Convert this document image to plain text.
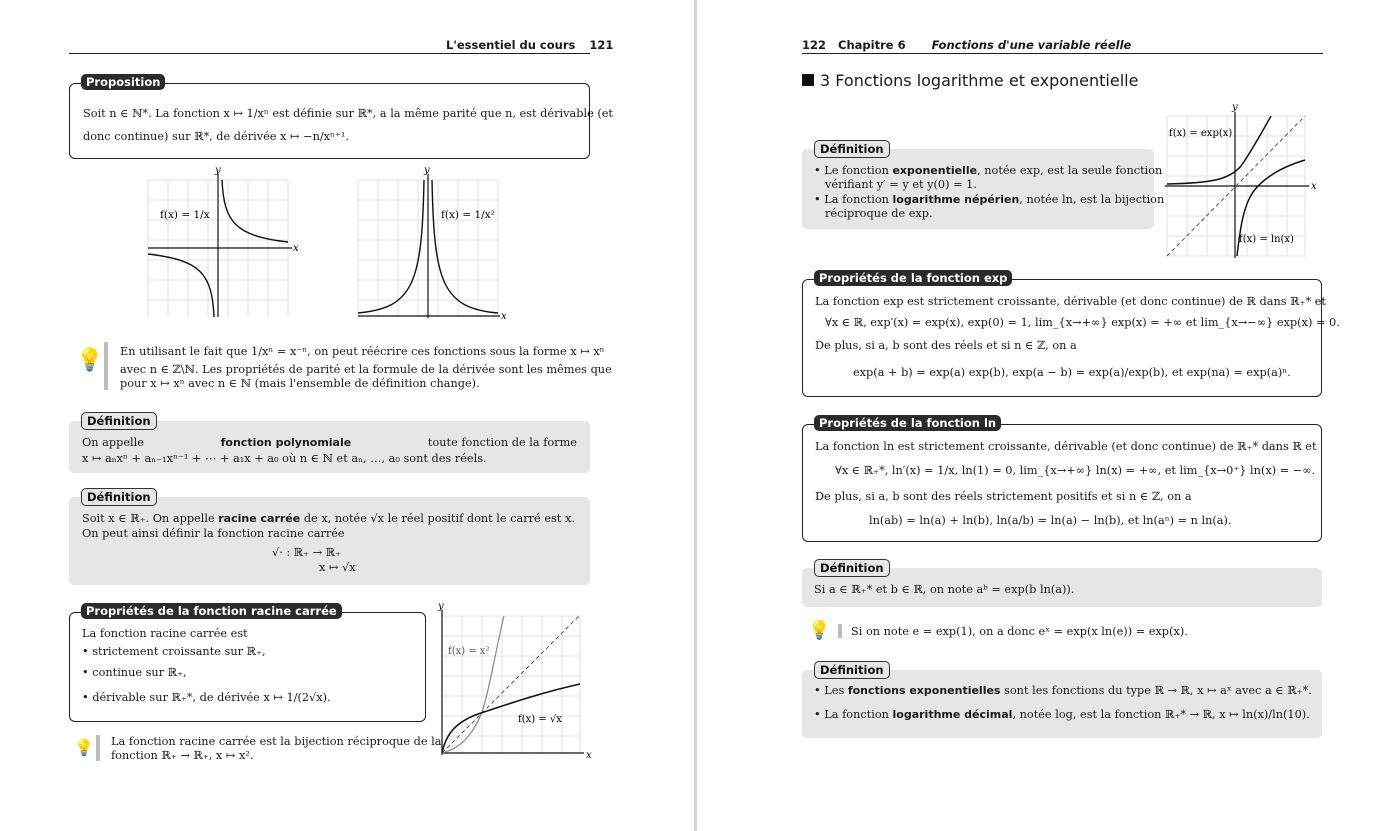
L'essentiel du cours 121
Soit n ∈ ℕ*. La fonction x ↦ 1/xⁿ est définie sur ℝ*, a la même parité que n, est dérivable (et
donc continue) sur ℝ*, de dérivée x ↦ −n/xⁿ⁺¹.
Proposition
x
y
f(x) = 1/x
x
y
f(x) = 1/x²
💡 En utilisant le fait que 1/xⁿ = x⁻ⁿ, on peut réécrire ces fonctions sous la forme x ↦ xⁿ
avec n ∈ ℤ\ℕ. Les propriétés de parité et la formule de la dérivée sont les mêmes que
pour x ↦ xⁿ avec n ∈ ℕ (mais l'ensemble de définition change).
On appelle	fonction polynomiale	toute fonction de la forme
x ↦ aₙxⁿ + aₙ₋₁xⁿ⁻¹ + ⋯ + a₁x + a₀ où n ∈ ℕ et aₙ, …, a₀ sont des réels.
Définition
Soit x ∈ ℝ₊. On appelle racine carrée de x, notée √x le réel positif dont le carré est x.
On peut ainsi définir la fonction racine carrée
√· : ℝ₊ → ℝ₊
x ↦ √x
Définition
La fonction racine carrée est
• strictement croissante sur ℝ₊,
• continue sur ℝ₊,
• dérivable sur ℝ₊*, de dérivée x ↦ 1/(2√x).
Propriétés de la fonction racine carrée
x
y
f(x) = x²
f(x) = √x
💡 La fonction racine carrée est la bijection réciproque de la
fonction ℝ₊ → ℝ₊, x ↦ x².
122 Chapitre 6 Fonctions d'une variable réelle
3 Fonctions logarithme et exponentielle
• Le fonction exponentielle, notée exp, est la seule fonction
vérifiant y′ = y et y(0) = 1.
• La fonction logarithme népérien, notée ln, est la bijection
réciproque de exp.
Définition
x
y
f(x) = exp(x)
f(x) = ln(x)
La fonction exp est strictement croissante, dérivable (et donc continue) de ℝ dans ℝ₊* et
∀x ∈ ℝ, exp′(x) = exp(x), exp(0) = 1, lim_{x→+∞} exp(x) = +∞ et lim_{x→−∞} exp(x) = 0.
De plus, si a, b sont des réels et si n ∈ ℤ, on a
exp(a + b) = exp(a) exp(b), exp(a − b) = exp(a)/exp(b), et exp(na) = exp(a)ⁿ.
Propriétés de la fonction exp
La fonction ln est strictement croissante, dérivable (et donc continue) de ℝ₊* dans ℝ et
∀x ∈ ℝ₊*, ln′(x) = 1/x, ln(1) = 0, lim_{x→+∞} ln(x) = +∞, et lim_{x→0⁺} ln(x) = −∞.
De plus, si a, b sont des réels strictement positifs et si n ∈ ℤ, on a
ln(ab) = ln(a) + ln(b), ln(a/b) = ln(a) − ln(b), et ln(aⁿ) = n ln(a).
Propriétés de la fonction ln
Si a ∈ ℝ₊* et b ∈ ℝ, on note aᵇ = exp(b ln(a)).
Définition
💡 Si on note e = exp(1), on a donc eˣ = exp(x ln(e)) = exp(x).
• Les fonctions exponentielles sont les fonctions du type ℝ → ℝ, x ↦ aˣ avec a ∈ ℝ₊*.
• La fonction logarithme décimal, notée log, est la fonction ℝ₊* → ℝ, x ↦ ln(x)/ln(10).
Définition
